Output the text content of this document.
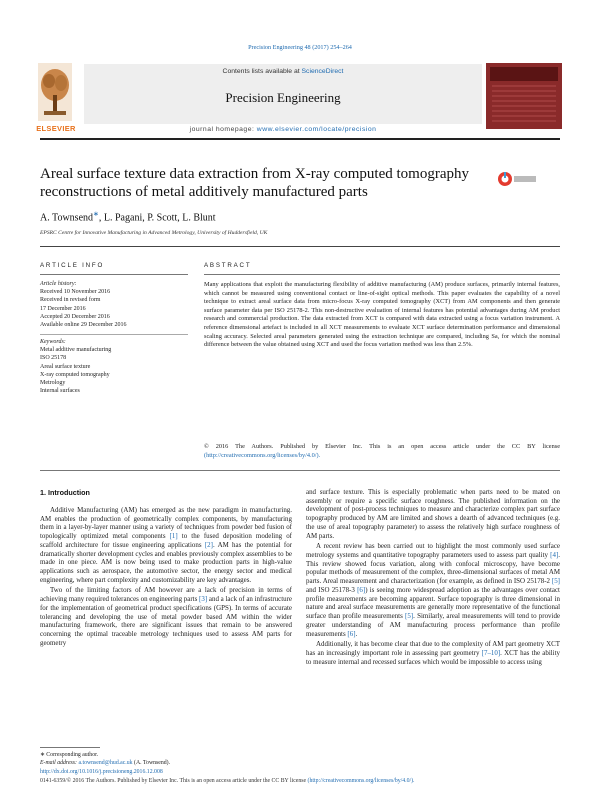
Precision Engineering 48 (2017) 254–264
ELSEVIER
Contents lists available at ScienceDirect
Precision Engineering
journal homepage: www.elsevier.com/locate/precision
Areal surface texture data extraction from X-ray computed tomography reconstructions of metal additively manufactured parts
A. Townsend∗, L. Pagani, P. Scott, L. Blunt
EPSRC Centre for Innovative Manufacturing in Advanced Metrology, University of Huddersfield, UK
ARTICLE INFO	ABSTRACT
Article history:
Received 10 November 2016
Received in revised form
17 December 2016
Accepted 20 December 2016
Available online 29 December 2016
Keywords:
Metal additive manufacturing
ISO 25178
Areal surface texture
X-ray computed tomography
Metrology
Internal surfaces
Many applications that exploit the manufacturing flexibility of additive manufacturing (AM) produce surfaces, primarily internal features, which cannot be measured using conventional contact or line-of-sight optical methods. This paper evaluates the capability of a novel technique to extract areal surface data from micro-focus X-ray computed tomography (XCT) from AM components and then generate surface parameter data per ISO 25178-2. This non-destructive evaluation of internal features has potential advantages during AM product research and commercial production. The data extracted from XCT is compared with data extracted using a focus variation instrument. A reference dimensional artefact is included in all XCT measurements to evaluate XCT surface determination performance and dimensional scaling accuracy. Selected areal parameters generated using the extraction technique are compared, including Sa, for which the nominal difference between the value obtained using XCT and used the focus variation method was less than 2.5%.
© 2016 The Authors. Published by Elsevier Inc. This is an open access article under the CC BY license (http://creativecommons.org/licenses/by/4.0/).
1. Introduction

Additive Manufacturing (AM) has emerged as the new paradigm in manufacturing. AM enables the production of geometrically complex components, by manufacturing them in a layer-by-layer manner using a variety of techniques from powder bed fusion of topologically optimized metal components [1] to the fused deposition modeling of scaffold architecture for tissue engineering applications [2]. AM has the potential for dramatically shorter development cycles and enables previously complex assemblies to be made in one piece. AM is now being used to make production parts in high-value applications such as aerospace, the automotive sector, the energy sector and medical engineering, where part complexity and customizability are key advantages.

Two of the limiting factors of AM however are a lack of precision in terms of achieving many required tolerances on engineering parts [3] and a lack of an infrastructure for the implementation of geometrical product specifications (GPS). In terms of accurate tolerancing and developing the use of metal powder based AM within the wider manufacturing framework, there are significant issues that remain to be answered concerning the optimal traceable metrology techniques used to assess AM parts for geometry

and surface texture. This is especially problematic when parts need to be mated on assembly or require a specific surface roughness. The published information on the development of post-process techniques to measure and characterize complex part surface topography produced by AM are limited and shows a dearth of advanced techniques (e.g. the use of areal topography parameter) to assess the relatively high surface roughness of AM parts.

A recent review has been carried out to highlight the most commonly used surface metrology systems and quantitative topography parameters used to assess part quality [4]. This review showed focus variation, along with confocal microscopy, have become popular methods of measurement of the complex, three-dimensional surfaces of metal AM parts. Areal measurement and characterization (for example, as defined in ISO 25178-2 [5] and ISO 25178-3 [6]) is seeing more widespread adoption as the advantages over contact profile measurements are becoming apparent. Surface topography is three dimensional in nature and areal surface measurements are generally more representative of the functional surface than profile measurements [5]. Similarly, areal measurements will tend to provide greater understanding of AM manufacturing process performance than profile measurements [6].

Additionally, it has become clear that due to the complexity of AM part geometry XCT has an increasingly important role in assessing part geometry [7–10]. XCT has the ability to measure internal and recessed surfaces which would be impossible to access using

∗ Corresponding author.
E-mail address: a.townsend@hud.ac.uk (A. Townsend).
http://dx.doi.org/10.1016/j.precisioneng.2016.12.008
0141-6359/© 2016 The Authors. Published by Elsevier Inc. This is an open access article under the CC BY license (http://creativecommons.org/licenses/by/4.0/).
